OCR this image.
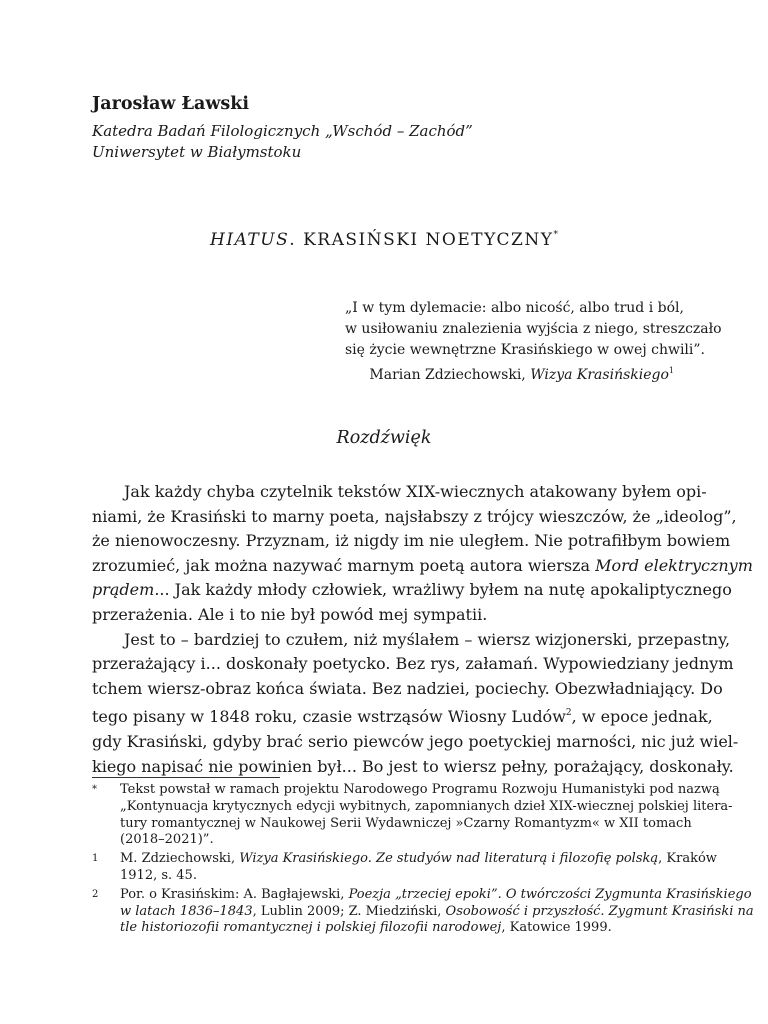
Jarosław Ławski
Katedra Badań Filologicznych „Wschód – Zachód”
Uniwersytet w Białymstoku
HIATUS. KRASIŃSKI NOETYCZNY*
„I w tym dylemacie: albo nicość, albo trud i ból,
w usiłowaniu znalezienia wyjścia z niego, streszczało
się życie wewnętrzne Krasińskiego w owej chwili”.
Marian Zdziechowski, Wizya Krasińskiego$^1$
Rozdźwięk
Jak każdy chyba czytelnik tekstów XIX-wiecznych atakowany byłem opi-
niami, że Krasiński to marny poeta, najsłabszy z trójcy wieszczów, że „ideolog”,
że nienowoczesny. Przyznam, iż nigdy im nie uległem. Nie potrafiłbym bowiem
zrozumieć, jak można nazywać marnym poetą autora wiersza Mord elektrycznym
prądem... Jak każdy młody człowiek, wrażliwy byłem na nutę apokaliptycznego
przerażenia. Ale i to nie był powód mej sympatii.
Jest to – bardziej to czułem, niż myślałem – wiersz wizjonerski, przepastny,
przerażający i... doskonały poetycko. Bez rys, załamań. Wypowiedziany jednym
tchem wiersz-obraz końca świata. Bez nadziei, pociechy. Obezwładniający. Do
tego pisany w 1848 roku, czasie wstrząsów Wiosny Ludów$^2$, w epoce jednak,
gdy Krasiński, gdyby brać serio piewców jego poetyckiej marności, nic już wiel-
kiego napisać nie powinien był... Bo jest to wiersz pełny, porażający, doskonały.
* Tekst powstał w ramach projektu Narodowego Programu Rozwoju Humanistyki pod nazwą
„Kontynuacja krytycznych edycji wybitnych, zapomnianych dzieł XIX-wiecznej polskiej litera-
tury romantycznej w Naukowej Serii Wydawniczej »Czarny Romantyzm« w XII tomach
(2018–2021)”.
1 M. Zdziechowski, Wizya Krasińskiego. Ze studyów nad literaturą i filozofię polską, Kraków
1912, s. 45.
2 Por. o Krasińskim: A. Bagłajewski, Poezja „trzeciej epoki”. O twórczości Zygmunta Krasińskiego
w latach 1836–1843, Lublin 2009; Z. Miedziński, Osobowość i przyszłość. Zygmunt Krasiński na
tle historiozofii romantycznej i polskiej filozofii narodowej, Katowice 1999.
